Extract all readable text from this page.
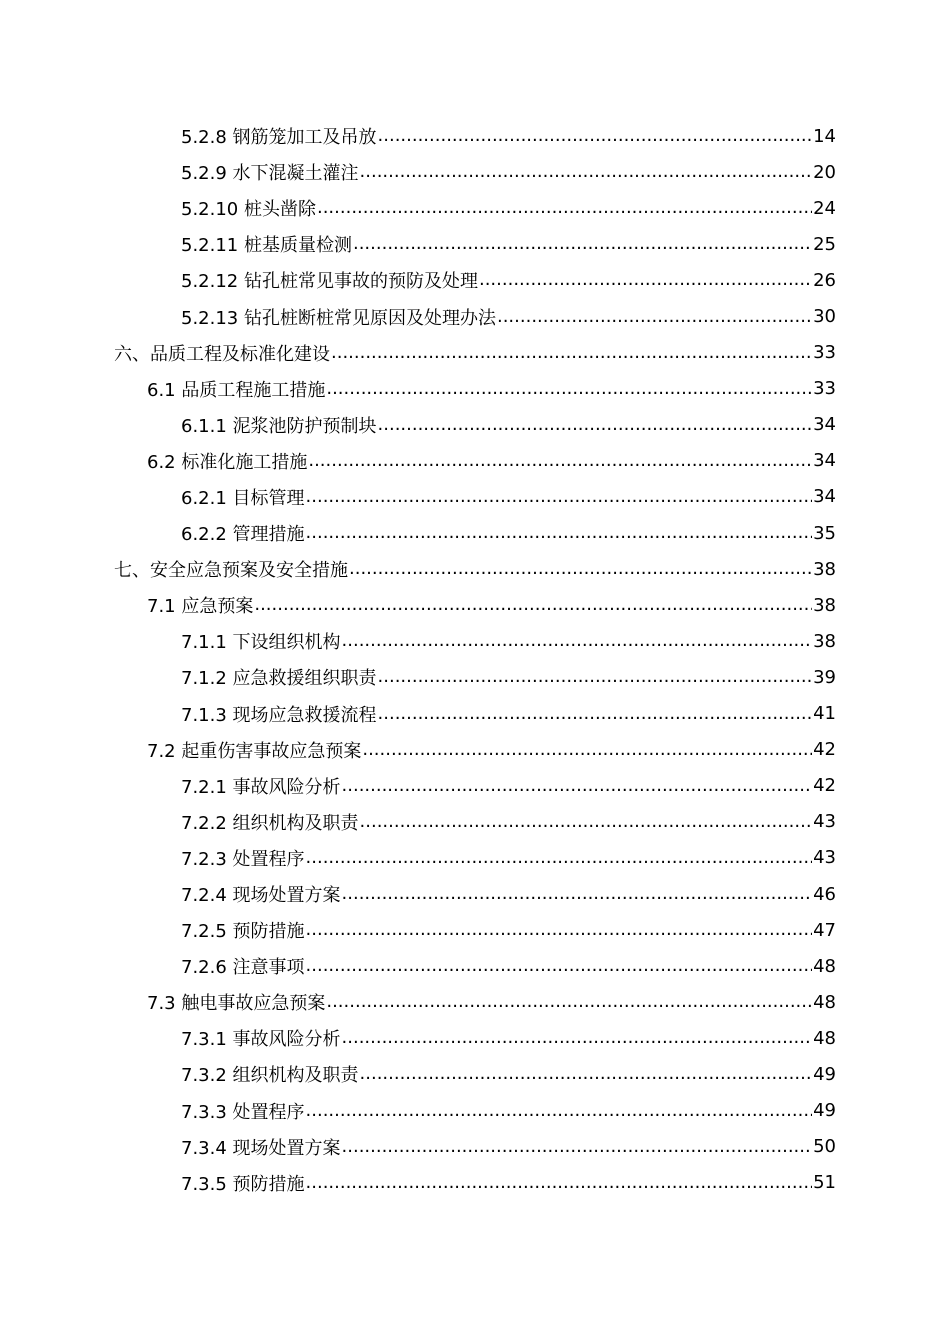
5.2.8 钢筋笼加工及吊放 .....	14
5.2.9 水下混凝土灌注 .....	20
5.2.10 桩头凿除 .....	24
5.2.11 桩基质量检测 .....	25
5.2.12 钻孔桩常见事故的预防及处理 .....	26
5.2.13 钻孔桩断桩常见原因及处理办法 .....	30
六、品质工程及标准化建设 .....	33
6.1 品质工程施工措施 .....	33
6.1.1 泥浆池防护预制块 .....	34
6.2 标准化施工措施 .....	34
6.2.1 目标管理 .....	34
6.2.2 管理措施 .....	35
七、安全应急预案及安全措施 .....	38
7.1 应急预案 .....	38
7.1.1 下设组织机构 .....	38
7.1.2 应急救援组织职责 .....	39
7.1.3 现场应急救援流程 .....	41
7.2 起重伤害事故应急预案 .....	42
7.2.1 事故风险分析 .....	42
7.2.2 组织机构及职责 .....	43
7.2.3 处置程序 .....	43
7.2.4 现场处置方案 .....	46
7.2.5 预防措施 .....	47
7.2.6 注意事项 .....	48
7.3 触电事故应急预案 .....	48
7.3.1 事故风险分析 .....	48
7.3.2 组织机构及职责 .....	49
7.3.3 处置程序 .....	49
7.3.4 现场处置方案 .....	50
7.3.5 预防措施 .....	51
